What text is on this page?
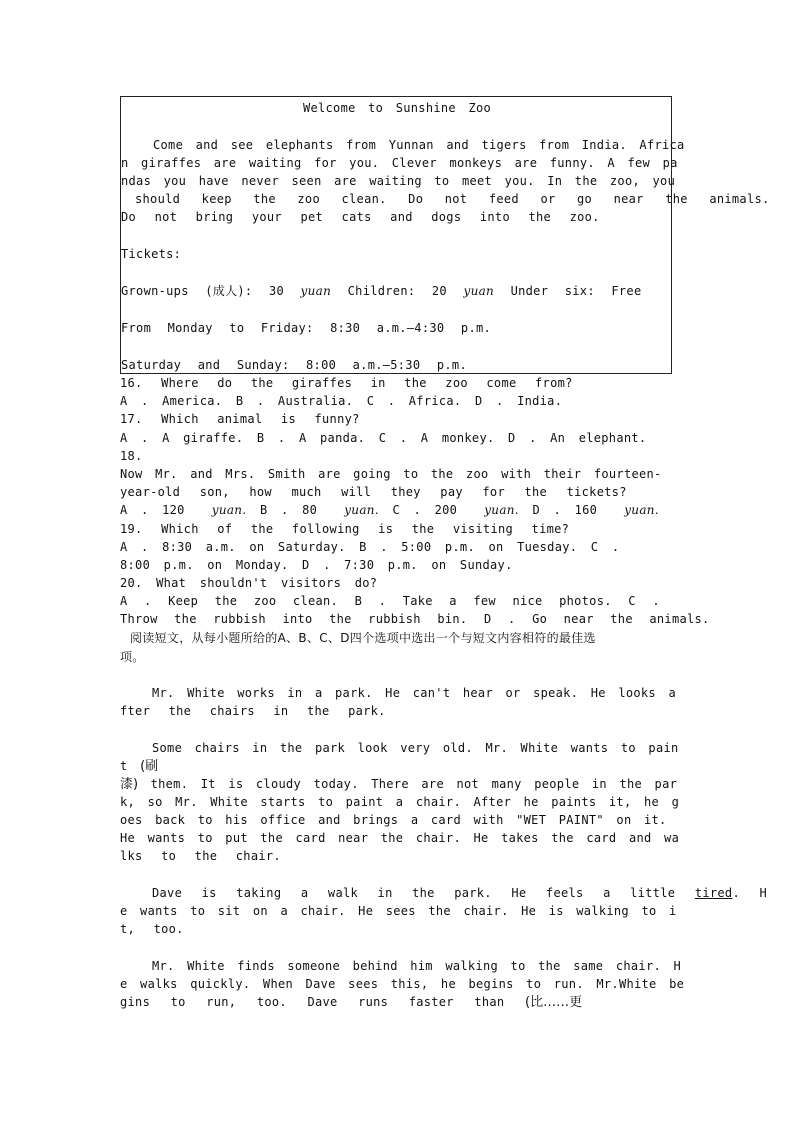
Welcome to Sunshine Zoo
Come and see elephants from Yunnan and tigers from India. Africa
n giraffes are waiting for you. Clever monkeys are funny. A few pa
ndas you have never seen are waiting to meet you. In the zoo, you
should keep the zoo clean. Do not feed or go near the animals.
Do not bring your pet cats and dogs into the zoo.
Tickets:
Grown-ups (成人): 30 yuan Children: 20 yuan Under six: Free
From Monday to Friday: 8:30 a.m.—4:30 p.m.
Saturday and Sunday: 8:00 a.m.—5:30 p.m.
16. Where do the giraffes in the zoo come from?
A . America. B . Australia. C . Africa. D . India.
17. Which animal is funny?
A . A giraffe. B . A panda. C . A monkey. D . An elephant.
18.
Now Mr. and Mrs. Smith are going to the zoo with their fourteen-
year-old son, how much will they pay for the tickets?
A . 120 yuan. B . 80 yuan. C . 200 yuan. D . 160 yuan.
19. Which of the following is the visiting time?
A . 8:30 a.m. on Saturday. B . 5:00 p.m. on Tuesday. C .
8:00 p.m. on Monday. D . 7:30 p.m. on Sunday.
20. What shouldn't visitors do?
A . Keep the zoo clean. B . Take a few nice photos. C .
Throw the rubbish into the rubbish bin. D . Go near the animals.
阅读短文，从每小题所给的A、B、C、D四个选项中选出一个与短文内容相符的最佳选
项。
Mr. White works in a park. He can't hear or speak. He looks a
fter the chairs in the park.
Some chairs in the park look very old. Mr. White wants to pain
t (刷
漆) them. It is cloudy today. There are not many people in the par
k, so Mr. White starts to paint a chair. After he paints it, he g
oes back to his office and brings a card with "WET PAINT" on it.
He wants to put the card near the chair. He takes the card and wa
lks to the chair.
Dave is taking a walk in the park. He feels a little tired. H
e wants to sit on a chair. He sees the chair. He is walking to i
t, too.
Mr. White finds someone behind him walking to the same chair. H
e walks quickly. When Dave sees this, he begins to run. Mr.White be
gins to run, too. Dave runs faster than (比……更
